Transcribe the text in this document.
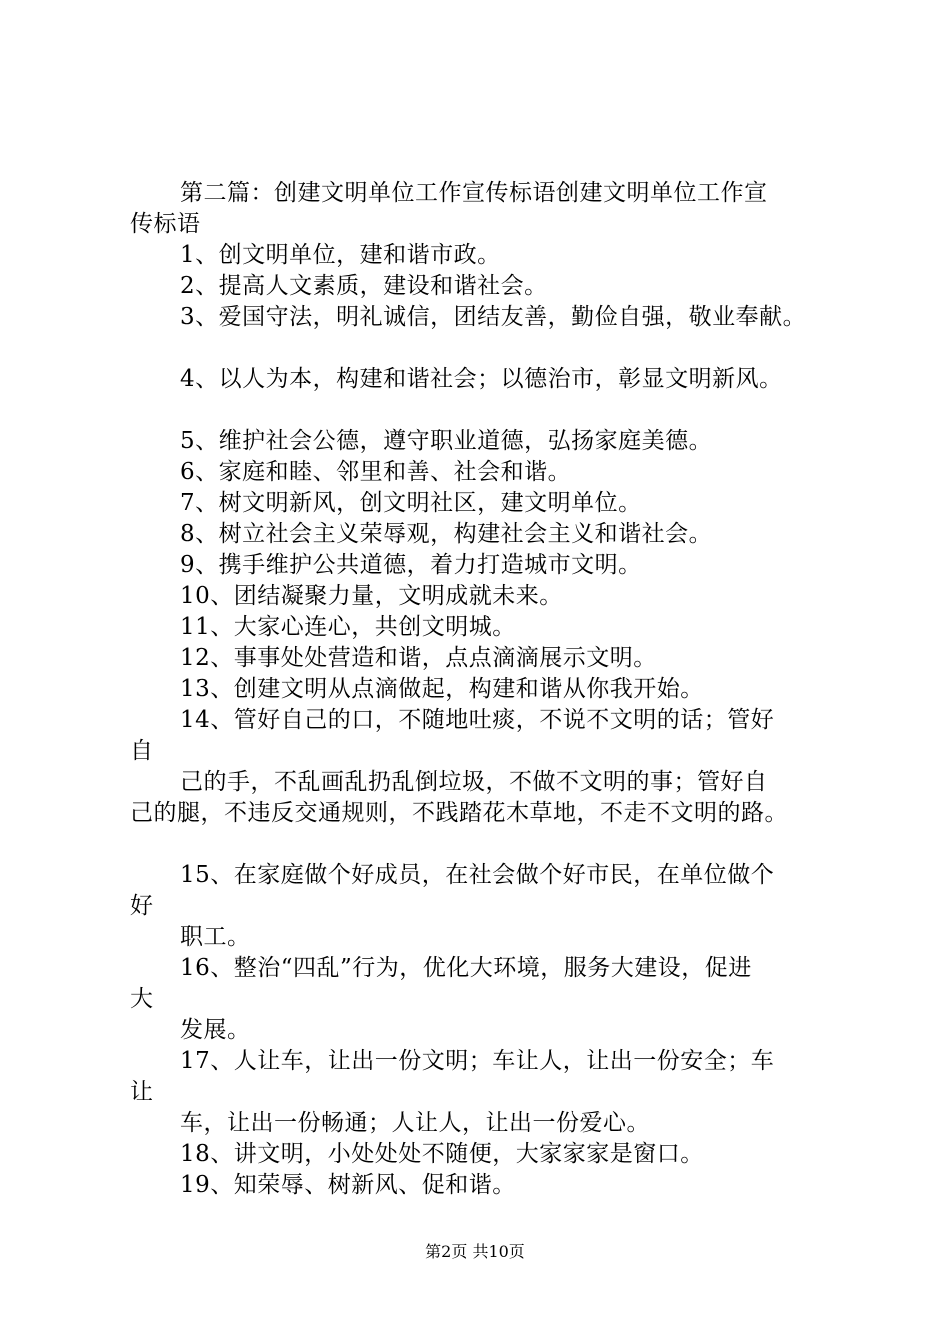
第二篇：创建文明单位工作宣传标语创建文明单位工作宣
传标语
1、创文明单位，建和谐市政。
2、提高人文素质，建设和谐社会。
3、爱国守法，明礼诚信，团结友善，勤俭自强，敬业奉献。
4、以人为本，构建和谐社会；以德治市，彰显文明新风。
5、维护社会公德，遵守职业道德，弘扬家庭美德。
6、家庭和睦、邻里和善、社会和谐。
7、树文明新风，创文明社区，建文明单位。
8、树立社会主义荣辱观，构建社会主义和谐社会。
9、携手维护公共道德，着力打造城市文明。
10、团结凝聚力量，文明成就未来。
11、大家心连心，共创文明城。
12、事事处处营造和谐，点点滴滴展示文明。
13、创建文明从点滴做起，构建和谐从你我开始。
14、管好自己的口，不随地吐痰，不说不文明的话；管好
自
己的手，不乱画乱扔乱倒垃圾，不做不文明的事；管好自
己的腿，不违反交通规则，不践踏花木草地，不走不文明的路。
15、在家庭做个好成员，在社会做个好市民，在单位做个
好
职工。
16、整治“四乱”行为，优化大环境，服务大建设，促进
大
发展。
17、人让车，让出一份文明；车让人，让出一份安全；车
让
车，让出一份畅通；人让人，让出一份爱心。
18、讲文明，小处处处不随便，大家家家是窗口。
19、知荣辱、树新风、促和谐。
第2页 共10页
